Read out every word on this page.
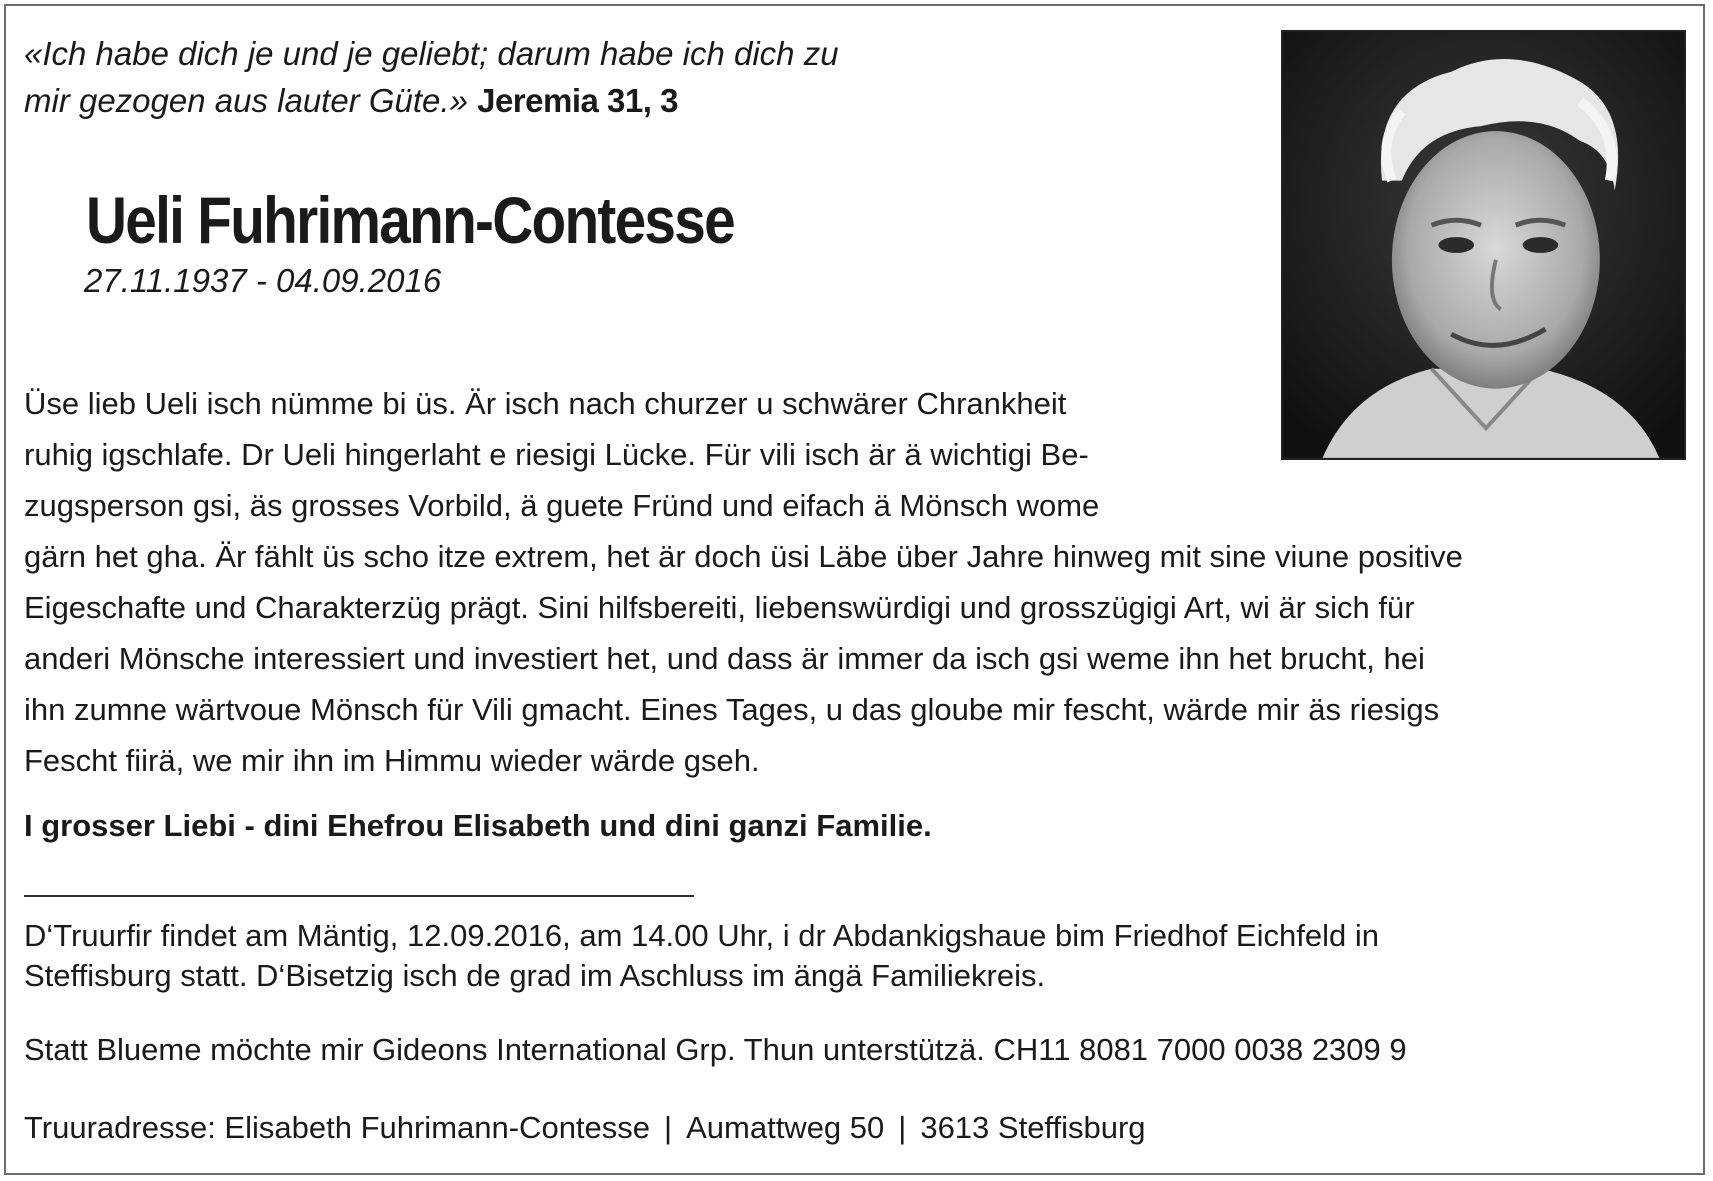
«Ich habe dich je und je geliebt; darum habe ich dich zu
mir gezogen aus lauter Güte.» Jeremia 31, 3
Ueli Fuhrimann-Contesse
27.11.1937 - 04.09.2016

Üse lieb Ueli isch nümme bi üs. Är isch nach churzer u schwärer Chrankheit

ruhig igschlafe. Dr Ueli hingerlaht e riesigi Lücke. Für vili isch är ä wichtigi Be-

zugsperson gsi, äs grosses Vorbild, ä guete Fründ und eifach ä Mönsch wome

gärn het gha. Är fählt üs scho itze extrem, het är doch üsi Läbe über Jahre hinweg mit sine viune positive

Eigeschafte und Charakterzüg prägt. Sini hilfsbereiti, liebenswürdigi und grosszügigi Art, wi är sich für

anderi Mönsche interessiert und investiert het, und dass är immer da isch gsi weme ihn het brucht, hei

ihn zumne wärtvoue Mönsch für Vili gmacht. Eines Tages, u das gloube mir fescht, wärde mir äs riesigs

Fescht fiirä, we mir ihn im Himmu wieder wärde gseh.

I grosser Liebi - dini Ehefrou Elisabeth und dini ganzi Familie.
D‘Truurfir findet am Mäntig, 12.09.2016, am 14.00 Uhr, i dr Abdankigshaue bim Friedhof Eichfeld in
Steffisburg statt. D‘Bisetzig isch de grad im Aschluss im ängä Familiekreis.
Statt Blueme möchte mir Gideons International Grp. Thun unterstützä. CH11 8081 7000 0038 2309 9
Truuradresse: Elisabeth Fuhrimann-Contesse | Aumattweg 50 | 3613 Steffisburg
